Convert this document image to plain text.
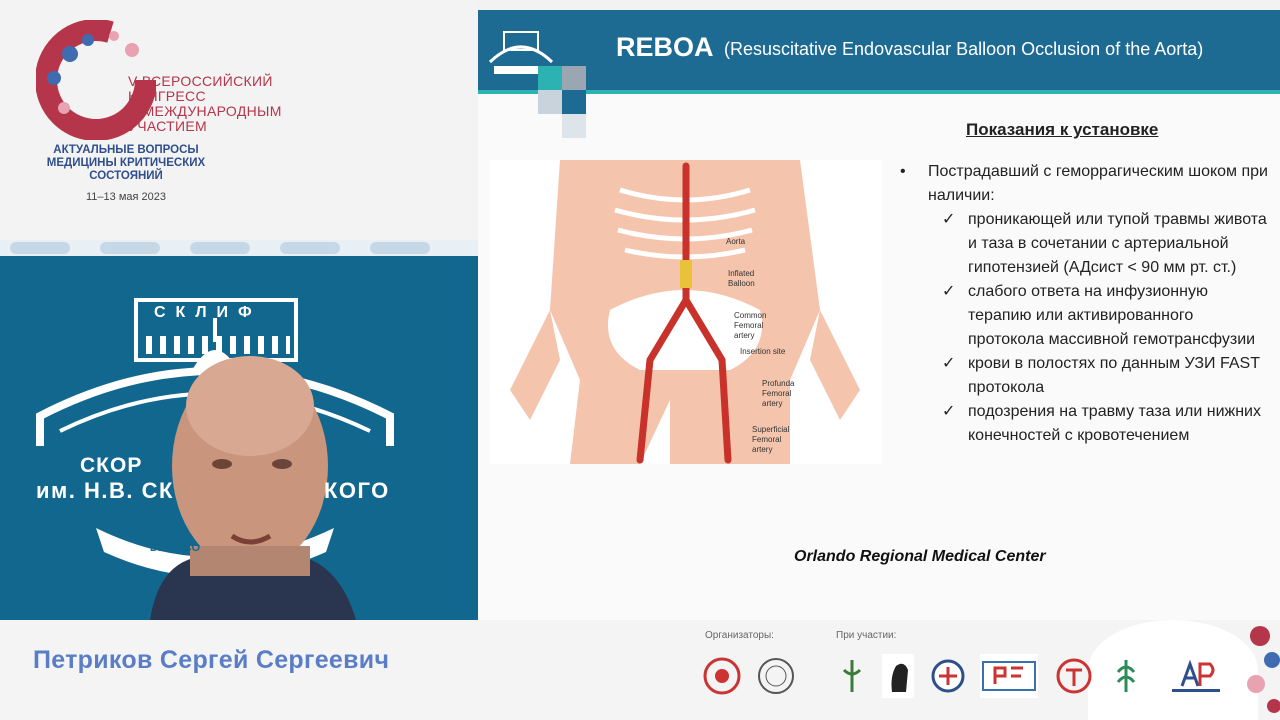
V ВСЕРОССИЙСКИЙ
КОНГРЕСС
С МЕЖДУНАРОДНЫМ
УЧАСТИЕМ
АКТУАЛЬНЫЕ ВОПРОСЫ
МЕДИЦИНЫ КРИТИЧЕСКИХ
СОСТОЯНИЙ
11–13 мая 2023
СКЛИФ
СКОР
им. Н.В. СК	КОГО
DEUS CO
REBOA (Resuscitative Endovascular Balloon Occlusion of the Aorta)
Показания к установке
• Пострадавший с геморрагическим шоком при наличии:
✓ проникающей или тупой травмы живота и таза в сочетании с артериальной гипотензией (АДсист < 90 мм рт. ст.)
✓ слабого ответа на инфузионную терапию или активированного протокола массивной гемотрансфузии
✓ крови в полостях по данным УЗИ FAST протокола
✓ подозрения на травму таза или нижних конечностей с кровотечением
Orlando Regional Medical Center
Aorta
Inflated
Balloon
Common
Femoral
artery
Insertion site
Profunda
Femoral
artery
Superficial
Femoral
artery
Петриков Сергей Сергеевич
Организаторы:	При участии:
